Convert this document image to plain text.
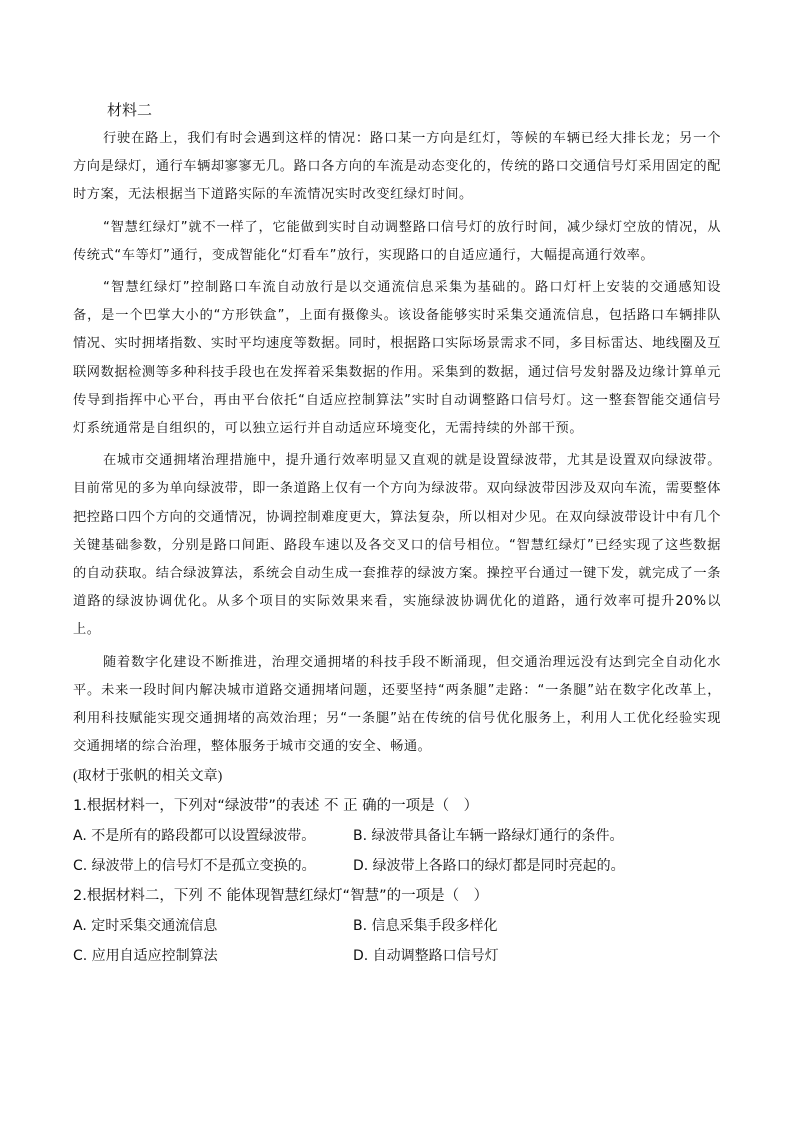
材料二

行驶在路上，我们有时会遇到这样的情况：路口某一方向是红灯，等候的车辆已经大排长龙；另一个方向是绿灯，通行车辆却寥寥无几。路口各方向的车流是动态变化的，传统的路口交通信号灯采用固定的配时方案，无法根据当下道路实际的车流情况实时改变红绿灯时间。

“智慧红绿灯”就不一样了，它能做到实时自动调整路口信号灯的放行时间，减少绿灯空放的情况，从传统式“车等灯”通行，变成智能化“灯看车”放行，实现路口的自适应通行，大幅提高通行效率。

“智慧红绿灯”控制路口车流自动放行是以交通流信息采集为基础的。路口灯杆上安装的交通感知设备，是一个巴掌大小的“方形铁盒”，上面有摄像头。该设备能够实时采集交通流信息，包括路口车辆排队情况、实时拥堵指数、实时平均速度等数据。同时，根据路口实际场景需求不同，多目标雷达、地线圈及互联网数据检测等多种科技手段也在发挥着采集数据的作用。采集到的数据，通过信号发射器及边缘计算单元传导到指挥中心平台，再由平台依托“自适应控制算法”实时自动调整路口信号灯。这一整套智能交通信号灯系统通常是自组织的，可以独立运行并自动适应环境变化，无需持续的外部干预。

在城市交通拥堵治理措施中，提升通行效率明显又直观的就是设置绿波带，尤其是设置双向绿波带。目前常见的多为单向绿波带，即一条道路上仅有一个方向为绿波带。双向绿波带因涉及双向车流，需要整体把控路口四个方向的交通情况，协调控制难度更大，算法复杂，所以相对少见。在双向绿波带设计中有几个关键基础参数，分别是路口间距、路段车速以及各交叉口的信号相位。“智慧红绿灯”已经实现了这些数据的自动获取。结合绿波算法，系统会自动生成一套推荐的绿波方案。操控平台通过一键下发，就完成了一条道路的绿波协调优化。从多个项目的实际效果来看，实施绿波协调优化的道路，通行效率可提升20%以上。

随着数字化建设不断推进，治理交通拥堵的科技手段不断涌现，但交通治理远没有达到完全自动化水平。未来一段时间内解决城市道路交通拥堵问题，还要坚持“两条腿”走路：“一条腿”站在数字化改革上，利用科技赋能实现交通拥堵的高效治理；另“一条腿”站在传统的信号优化服务上，利用人工优化经验实现交通拥堵的综合治理，整体服务于城市交通的安全、畅通。

(取材于张帆的相关文章)
1.根据材料一，下列对“绿波带”的表述 不 正 确的一项是（　）
A. 不是所有的路段都可以设置绿波带。	B. 绿波带具备让车辆一路绿灯通行的条件。
C. 绿波带上的信号灯不是孤立变换的。	D. 绿波带上各路口的绿灯都是同时亮起的。
2.根据材料二，下列 不 能体现智慧红绿灯“智慧”的一项是（　）
A. 定时采集交通流信息	B. 信息采集手段多样化
C. 应用自适应控制算法	D. 自动调整路口信号灯
